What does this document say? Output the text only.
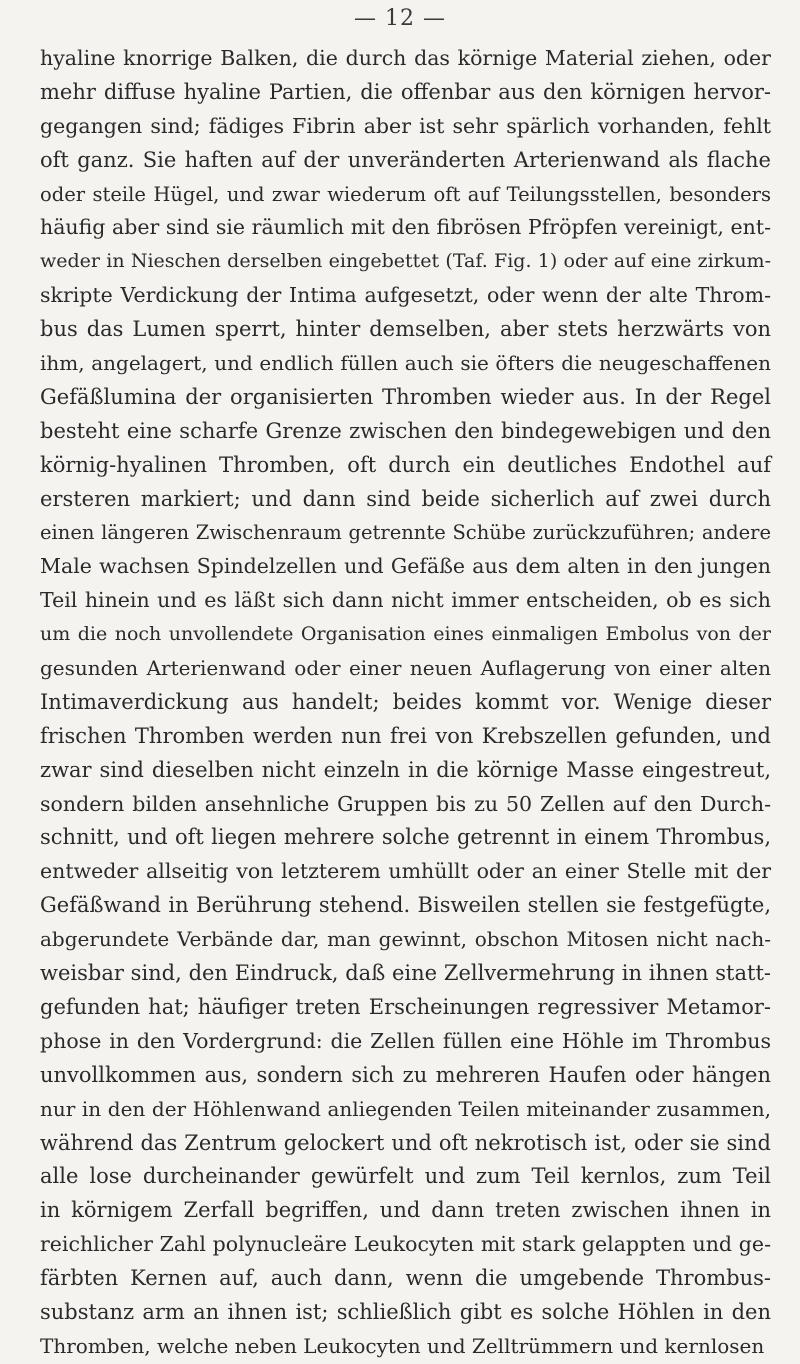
— 12 —
hyaline knorrige Balken, die durch das körnige Material ziehen, oder
mehr diffuse hyaline Partien, die offenbar aus den körnigen hervor-
gegangen sind; fädiges Fibrin aber ist sehr spärlich vorhanden, fehlt
oft ganz. Sie haften auf der unveränderten Arterienwand als flache
oder steile Hügel, und zwar wiederum oft auf Teilungsstellen, besonders
häufig aber sind sie räumlich mit den fibrösen Pfröpfen vereinigt, ent-
weder in Nieschen derselben eingebettet (Taf. Fig. 1) oder auf eine zirkum-
skripte Verdickung der Intima aufgesetzt, oder wenn der alte Throm-
bus das Lumen sperrt, hinter demselben, aber stets herzwärts von
ihm, angelagert, und endlich füllen auch sie öfters die neugeschaffenen
Gefäßlumina der organisierten Thromben wieder aus. In der Regel
besteht eine scharfe Grenze zwischen den bindegewebigen und den
körnig-hyalinen Thromben, oft durch ein deutliches Endothel auf
ersteren markiert; und dann sind beide sicherlich auf zwei durch
einen längeren Zwischenraum getrennte Schübe zurückzuführen; andere
Male wachsen Spindelzellen und Gefäße aus dem alten in den jungen
Teil hinein und es läßt sich dann nicht immer entscheiden, ob es sich
um die noch unvollendete Organisation eines einmaligen Embolus von der
gesunden Arterienwand oder einer neuen Auflagerung von einer alten
Intimaverdickung aus handelt; beides kommt vor. Wenige dieser
frischen Thromben werden nun frei von Krebszellen gefunden, und
zwar sind dieselben nicht einzeln in die körnige Masse eingestreut,
sondern bilden ansehnliche Gruppen bis zu 50 Zellen auf den Durch-
schnitt, und oft liegen mehrere solche getrennt in einem Thrombus,
entweder allseitig von letzterem umhüllt oder an einer Stelle mit der
Gefäßwand in Berührung stehend. Bisweilen stellen sie festgefügte,
abgerundete Verbände dar, man gewinnt, obschon Mitosen nicht nach-
weisbar sind, den Eindruck, daß eine Zellvermehrung in ihnen statt-
gefunden hat; häufiger treten Erscheinungen regressiver Metamor-
phose in den Vordergrund: die Zellen füllen eine Höhle im Thrombus
unvollkommen aus, sondern sich zu mehreren Haufen oder hängen
nur in den der Höhlenwand anliegenden Teilen miteinander zusammen,
während das Zentrum gelockert und oft nekrotisch ist, oder sie sind
alle lose durcheinander gewürfelt und zum Teil kernlos, zum Teil
in körnigem Zerfall begriffen, und dann treten zwischen ihnen in
reichlicher Zahl polynucleäre Leukocyten mit stark gelappten und ge-
färbten Kernen auf, auch dann, wenn die umgebende Thrombus-
substanz arm an ihnen ist; schließlich gibt es solche Höhlen in den
Thromben, welche neben Leukocyten und Zelltrümmern und kernlosen
